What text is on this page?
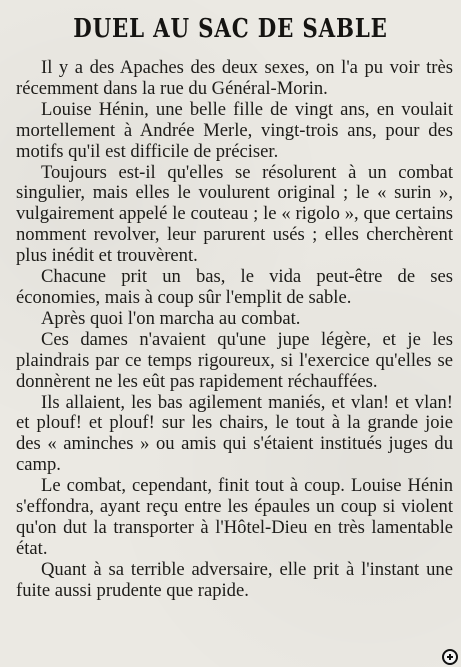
DUEL AU SAC DE SABLE

Il y a des Apaches des deux sexes, on l'a pu voir très récemment dans la rue du Général-Morin.

Louise Hénin, une belle fille de vingt ans, en voulait mortellement à Andrée Merle, vingt-trois ans, pour des motifs qu'il est difficile de préciser.

Toujours est-il qu'elles se résolurent à un combat singulier, mais elles le voulurent original ; le « surin », vulgairement appelé le couteau ; le « rigolo », que certains nomment revolver, leur parurent usés ; elles cherchèrent plus inédit et trouvèrent.

Chacune prit un bas, le vida peut-être de ses économies, mais à coup sûr l'emplit de sable.

Après quoi l'on marcha au combat.

Ces dames n'avaient qu'une jupe légère, et je les plaindrais par ce temps rigoureux, si l'exercice qu'elles se donnèrent ne les eût pas rapidement réchauffées.

Ils allaient, les bas agilement maniés, et vlan! et vlan! et plouf! et plouf! sur les chairs, le tout à la grande joie des « aminches » ou amis qui s'étaient institués juges du camp.

Le combat, cependant, finit tout à coup. Louise Hénin s'effondra, ayant reçu entre les épaules un coup si violent qu'on dut la transporter à l'Hôtel-Dieu en très lamentable état.

Quant à sa terrible adversaire, elle prit à l'instant une fuite aussi prudente que rapide.
